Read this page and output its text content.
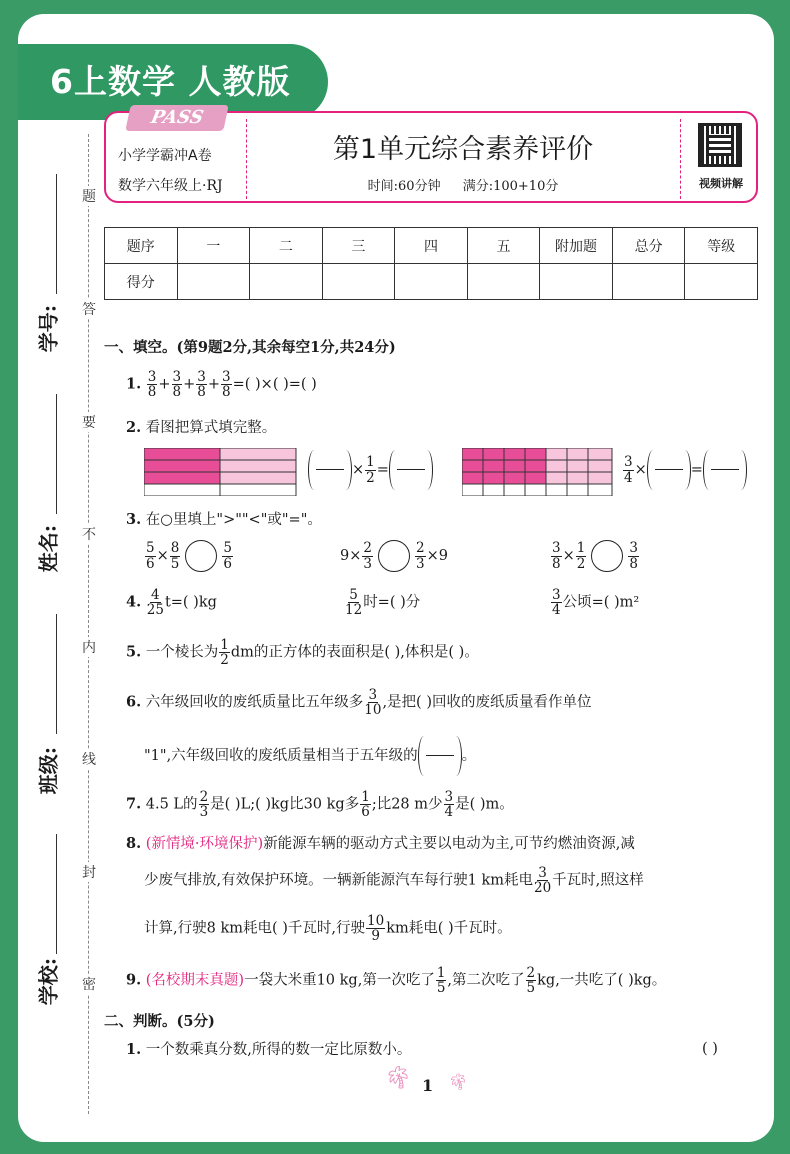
6上数学 人教版
题
答
要
不
内
线
封
密
学号:
姓名:
班级:
学校:
PASS
小学学霸冲A卷
数学六年级上·RJ
第1单元综合素养评价
时间:60分钟 满分:100+10分	视频讲解
题序	一	二	三	四	五	附加题	总分	等级
得分								
一、填空。(第9题2分,其余每空1分,共24分)
1. $\frac{3}{8} + \frac{3}{8} + \frac{3}{8} + \frac{3}{8}$ =( )×( )=( )
2. 看图把算式填完整。
× $\frac{1}{2}$ =	$\frac{3}{4}$ ×	=
3. 在○里填上">""<"或"="。
$\frac{5}{6} \times \frac{8}{5}$	$\frac{5}{6}$	$9\times \frac{2}{3}$	$\frac{2}{3} \times 9$	$\frac{3}{8} \times \frac{1}{2}$	$\frac{3}{8}$
4. $\frac{4}{25} t=$( )kg	$\frac{5}{12}$ 时=( )分	$\frac{3}{4}$ 公顷=( )m²
5. 一个棱长为 $\frac{1}{2}$ dm的正方体的表面积是( ),体积是( )。
6. 六年级回收的废纸质量比五年级多 $\frac{3}{10}$ ,是把( )回收的废纸质量看作单位
"1",六年级回收的废纸质量相当于五年级的	。
7. 4.5 L的 $\frac{2}{3}$ 是( )L;( )kg比30 kg多 $\frac{1}{6}$ ;比28 m少 $\frac{3}{4}$ 是( )m。
8. (新情境·环境保护)新能源车辆的驱动方式主要以电动为主,可节约燃油资源,减
少废气排放,有效保护环境。一辆新能源汽车每行驶1 km耗电 $\frac{3}{20}$ 千瓦时,照这样
计算,行驶8 km耗电( )千瓦时,行驶 $\frac{10}{9}$ km耗电( )千瓦时。
9. (名校期末真题)一袋大米重10 kg,第一次吃了 $\frac{1}{5}$ ,第二次吃了 $\frac{2}{5}$ kg,一共吃了( )kg。
二、判断。(5分)
1. 一个数乘真分数,所得的数一定比原数小。	( )
🌴︎ 1 🌴︎
